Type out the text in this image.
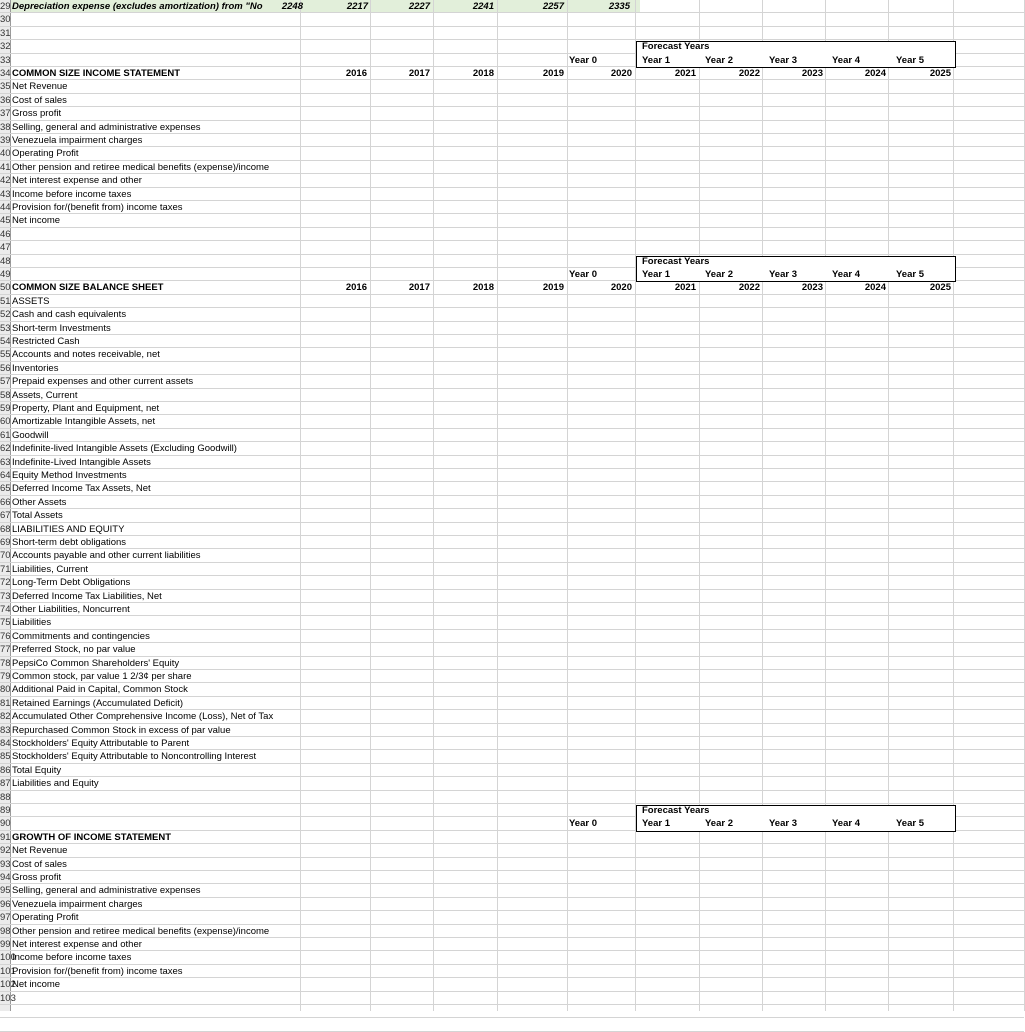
29
30
31
32
33
34
35
36
37
38
39
40
41
42
43
44
45
46
47
48
49
50
51
52
53
54
55
56
57
58
59
60
61
62
63
64
65
66
67
68
69
70
71
72
73
74
75
76
77
78
79
80
81
82
83
84
85
86
87
88
89
90
91
92
93
94
95
96
97
98
99
100
101
102
103
Depreciation expense (excludes amortization) from "No	2248	2217	2227	2241	2257	2335
Forecast Years
Year 0	Year 1	Year 2	Year 3	Year 4	Year 5
COMMON SIZE INCOME STATEMENT	2016	2017	2018	2019	2020	2021	2022	2023	2024	2025
Net Revenue
Cost of sales
Gross profit
Selling, general and administrative expenses
Venezuela impairment charges
Operating Profit
Other pension and retiree medical benefits (expense)/income
Net interest expense and other
Income before income taxes
Provision for/(benefit from) income taxes
Net income
Forecast Years
Year 0	Year 1	Year 2	Year 3	Year 4	Year 5
COMMON SIZE BALANCE SHEET	2016	2017	2018	2019	2020	2021	2022	2023	2024	2025
ASSETS
Cash and cash equivalents
Short-term Investments
Restricted Cash
Accounts and notes receivable, net
Inventories
Prepaid expenses and other current assets
Assets, Current
Property, Plant and Equipment, net
Amortizable Intangible Assets, net
Goodwill
Indefinite-lived Intangible Assets (Excluding Goodwill)
Indefinite-Lived Intangible Assets
Equity Method Investments
Deferred Income Tax Assets, Net
Other Assets
Total Assets
LIABILITIES AND EQUITY
Short-term debt obligations
Accounts payable and other current liabilities
Liabilities, Current
Long-Term Debt Obligations
Deferred Income Tax Liabilities, Net
Other Liabilities, Noncurrent
Liabilities
Commitments and contingencies
Preferred Stock, no par value
PepsiCo Common Shareholders' Equity
Common stock, par value 1 2/3¢ per share
Additional Paid in Capital, Common Stock
Retained Earnings (Accumulated Deficit)
Accumulated Other Comprehensive Income (Loss), Net of Tax
Repurchased Common Stock in excess of par value
Stockholders' Equity Attributable to Parent
Stockholders' Equity Attributable to Noncontrolling Interest
Total Equity
Liabilities and Equity
Forecast Years
Year 0	Year 1	Year 2	Year 3	Year 4	Year 5
GROWTH OF INCOME STATEMENT
Net Revenue
Cost of sales
Gross profit
Selling, general and administrative expenses
Venezuela impairment charges
Operating Profit
Other pension and retiree medical benefits (expense)/income
Net interest expense and other
Income before income taxes
Provision for/(benefit from) income taxes
Net income
